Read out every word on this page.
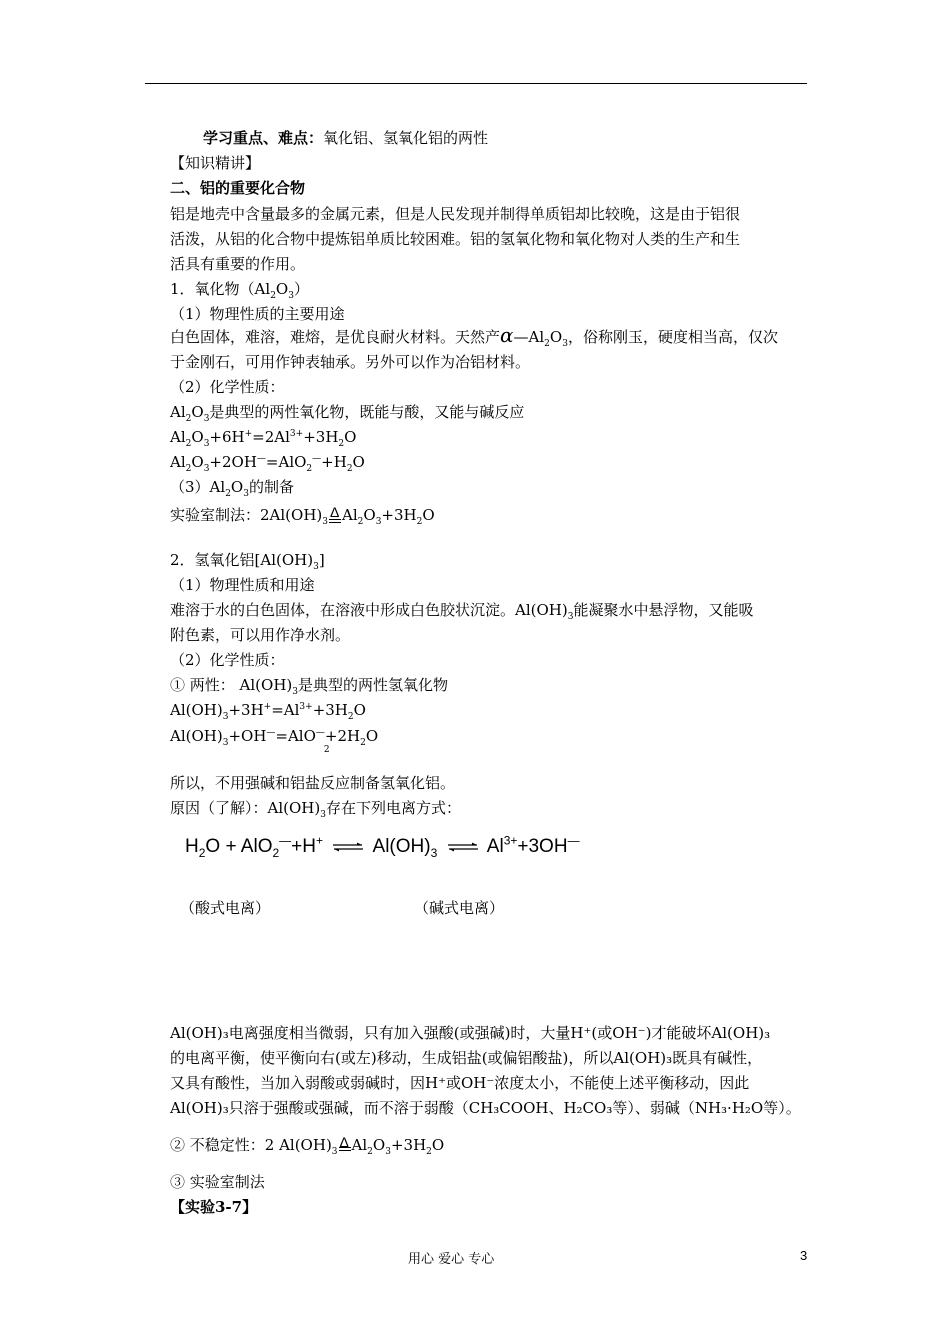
学习重点、难点：氧化铝、氢氧化铝的两性
【知识精讲】
二、铝的重要化合物
铝是地壳中含量最多的金属元素，但是人民发现并制得单质铝却比较晚，这是由于铝很
活泼，从铝的化合物中提炼铝单质比较困难。铝的氢氧化物和氧化物对人类的生产和生
活具有重要的作用。
1．氧化物$(Al_2O_3)$
（1）物理性质的主要用途
白色固体，难溶，难熔，是优良耐火材料。天然产$\alpha—Al_2O_3$，俗称刚玉，硬度相当高，仅次
于金刚石，可用作钟表轴承。另外可以作为冶铝材料。
（2）化学性质：
$Al_2O_3$是典型的两性氧化物，既能与酸，又能与碱反应
$Al_2O_3+6H^+=2Al^{3+}+3H_2O$
$Al_2O_3+2OH^—=AlO_2^—+H_2O$
$(3)Al_2O_3$的制备
实验室制法：$2Al(OH)_3$
Δ $Al_2O_3+3H_2O$
2．氢氧化铝$[Al(OH)_3]$
（1）物理性质和用途
难溶于水的白色固体，在溶液中形成白色胶状沉淀。$Al(OH)_3$能凝聚水中悬浮物，又能吸
附色素，可以用作净水剂。
（2）化学性质：
① 两性： $Al(OH)_3$是典型的两性氢氧化物
$Al(OH)_3+3H^+=Al^{3+}+3H_2O$
$Al(OH)_3+OH^—=AlO^—$
2
$+2H_2O$
所以，不用强碱和铝盐反应制备氢氧化铝。
原因（了解）：$Al(OH)_3$存在下列电离方式：
$H_2O + AlO_2^—+H^+$ ⇌ $Al(OH)_3$ ⇌ $Al^{3+}+3OH^—$
（酸式电离）	（碱式电离）
Al(OH)₃电离强度相当微弱，只有加入强酸(或强碱)时，大量H⁺(或OH⁻)才能破坏Al(OH)₃
的电离平衡，使平衡向右(或左)移动，生成铝盐(或偏铝酸盐)，所以Al(OH)₃既具有碱性，
又具有酸性，当加入弱酸或弱碱时，因H⁺或OH⁻浓度太小，不能使上述平衡移动，因此
Al(OH)₃只溶于强酸或强碱，而不溶于弱酸（CH₃COOH、H₂CO₃等）、弱碱（NH₃·H₂O等）。
② 不稳定性：2 $Al(OH)_3$
Δ $Al_2O_3+3H_2O$
③ 实验室制法
【实验3-7】
用心 爱心 专心	3
